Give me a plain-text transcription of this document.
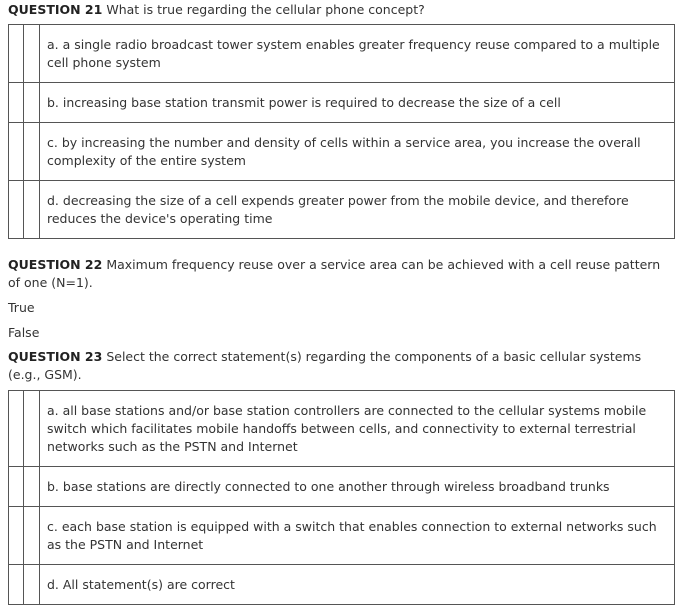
QUESTION 21 What is true regarding the cellular phone concept?

		a. a single radio broadcast tower system enables greater frequency reuse compared to a multiple cell phone system
		b. increasing base station transmit power is required to decrease the size of a cell
		c. by increasing the number and density of cells within a service area, you increase the overall complexity of the entire system
		d. decreasing the size of a cell expends greater power from the mobile device, and therefore reduces the device's operating time

QUESTION 22 Maximum frequency reuse over a service area can be achieved with a cell reuse pattern of one (N=1).

True

False

QUESTION 23 Select the correct statement(s) regarding the components of a basic cellular systems (e.g., GSM).

		a. all base stations and/or base station controllers are connected to the cellular systems mobile switch which facilitates mobile handoffs between cells, and connectivity to external terrestrial networks such as the PSTN and Internet
		b. base stations are directly connected to one another through wireless broadband trunks
		c. each base station is equipped with a switch that enables connection to external networks such as the PSTN and Internet
		d. All statement(s) are correct
